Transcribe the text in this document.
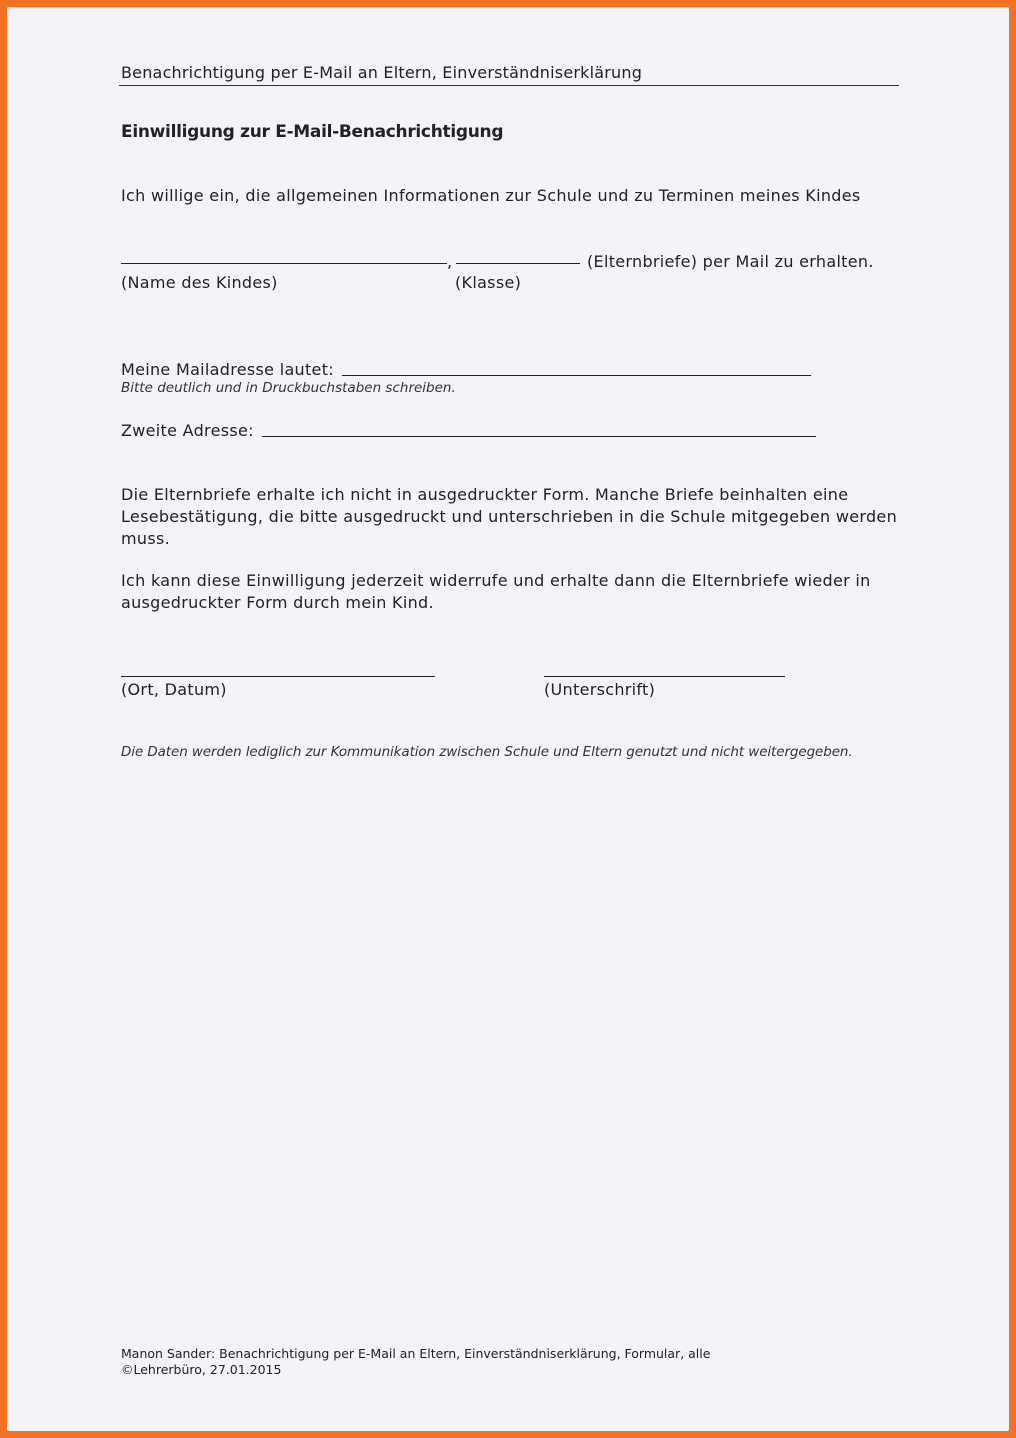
Benachrichtigung per E-Mail an Eltern, Einverständniserklärung
Einwilligung zur E-Mail-Benachrichtigung
Ich willige ein, die allgemeinen Informationen zur Schule und zu Terminen meines Kindes
,	(Elternbriefe) per Mail zu erhalten.
(Name des Kindes)	(Klasse)
Meine Mailadresse lautet:
Bitte deutlich und in Druckbuchstaben schreiben.
Zweite Adresse:
Die Elternbriefe erhalte ich nicht in ausgedruckter Form. Manche Briefe beinhalten eine Lesebestätigung, die bitte ausgedruckt und unterschrieben in die Schule mitgegeben werden muss.
Ich kann diese Einwilligung jederzeit widerrufe und erhalte dann die Elternbriefe wieder in ausgedruckter Form durch mein Kind.
(Ort, Datum)	(Unterschrift)
Die Daten werden lediglich zur Kommunikation zwischen Schule und Eltern genutzt und nicht weitergegeben.
Manon Sander: Benachrichtigung per E-Mail an Eltern, Einverständniserklärung, Formular, alle
©Lehrerbüro, 27.01.2015
